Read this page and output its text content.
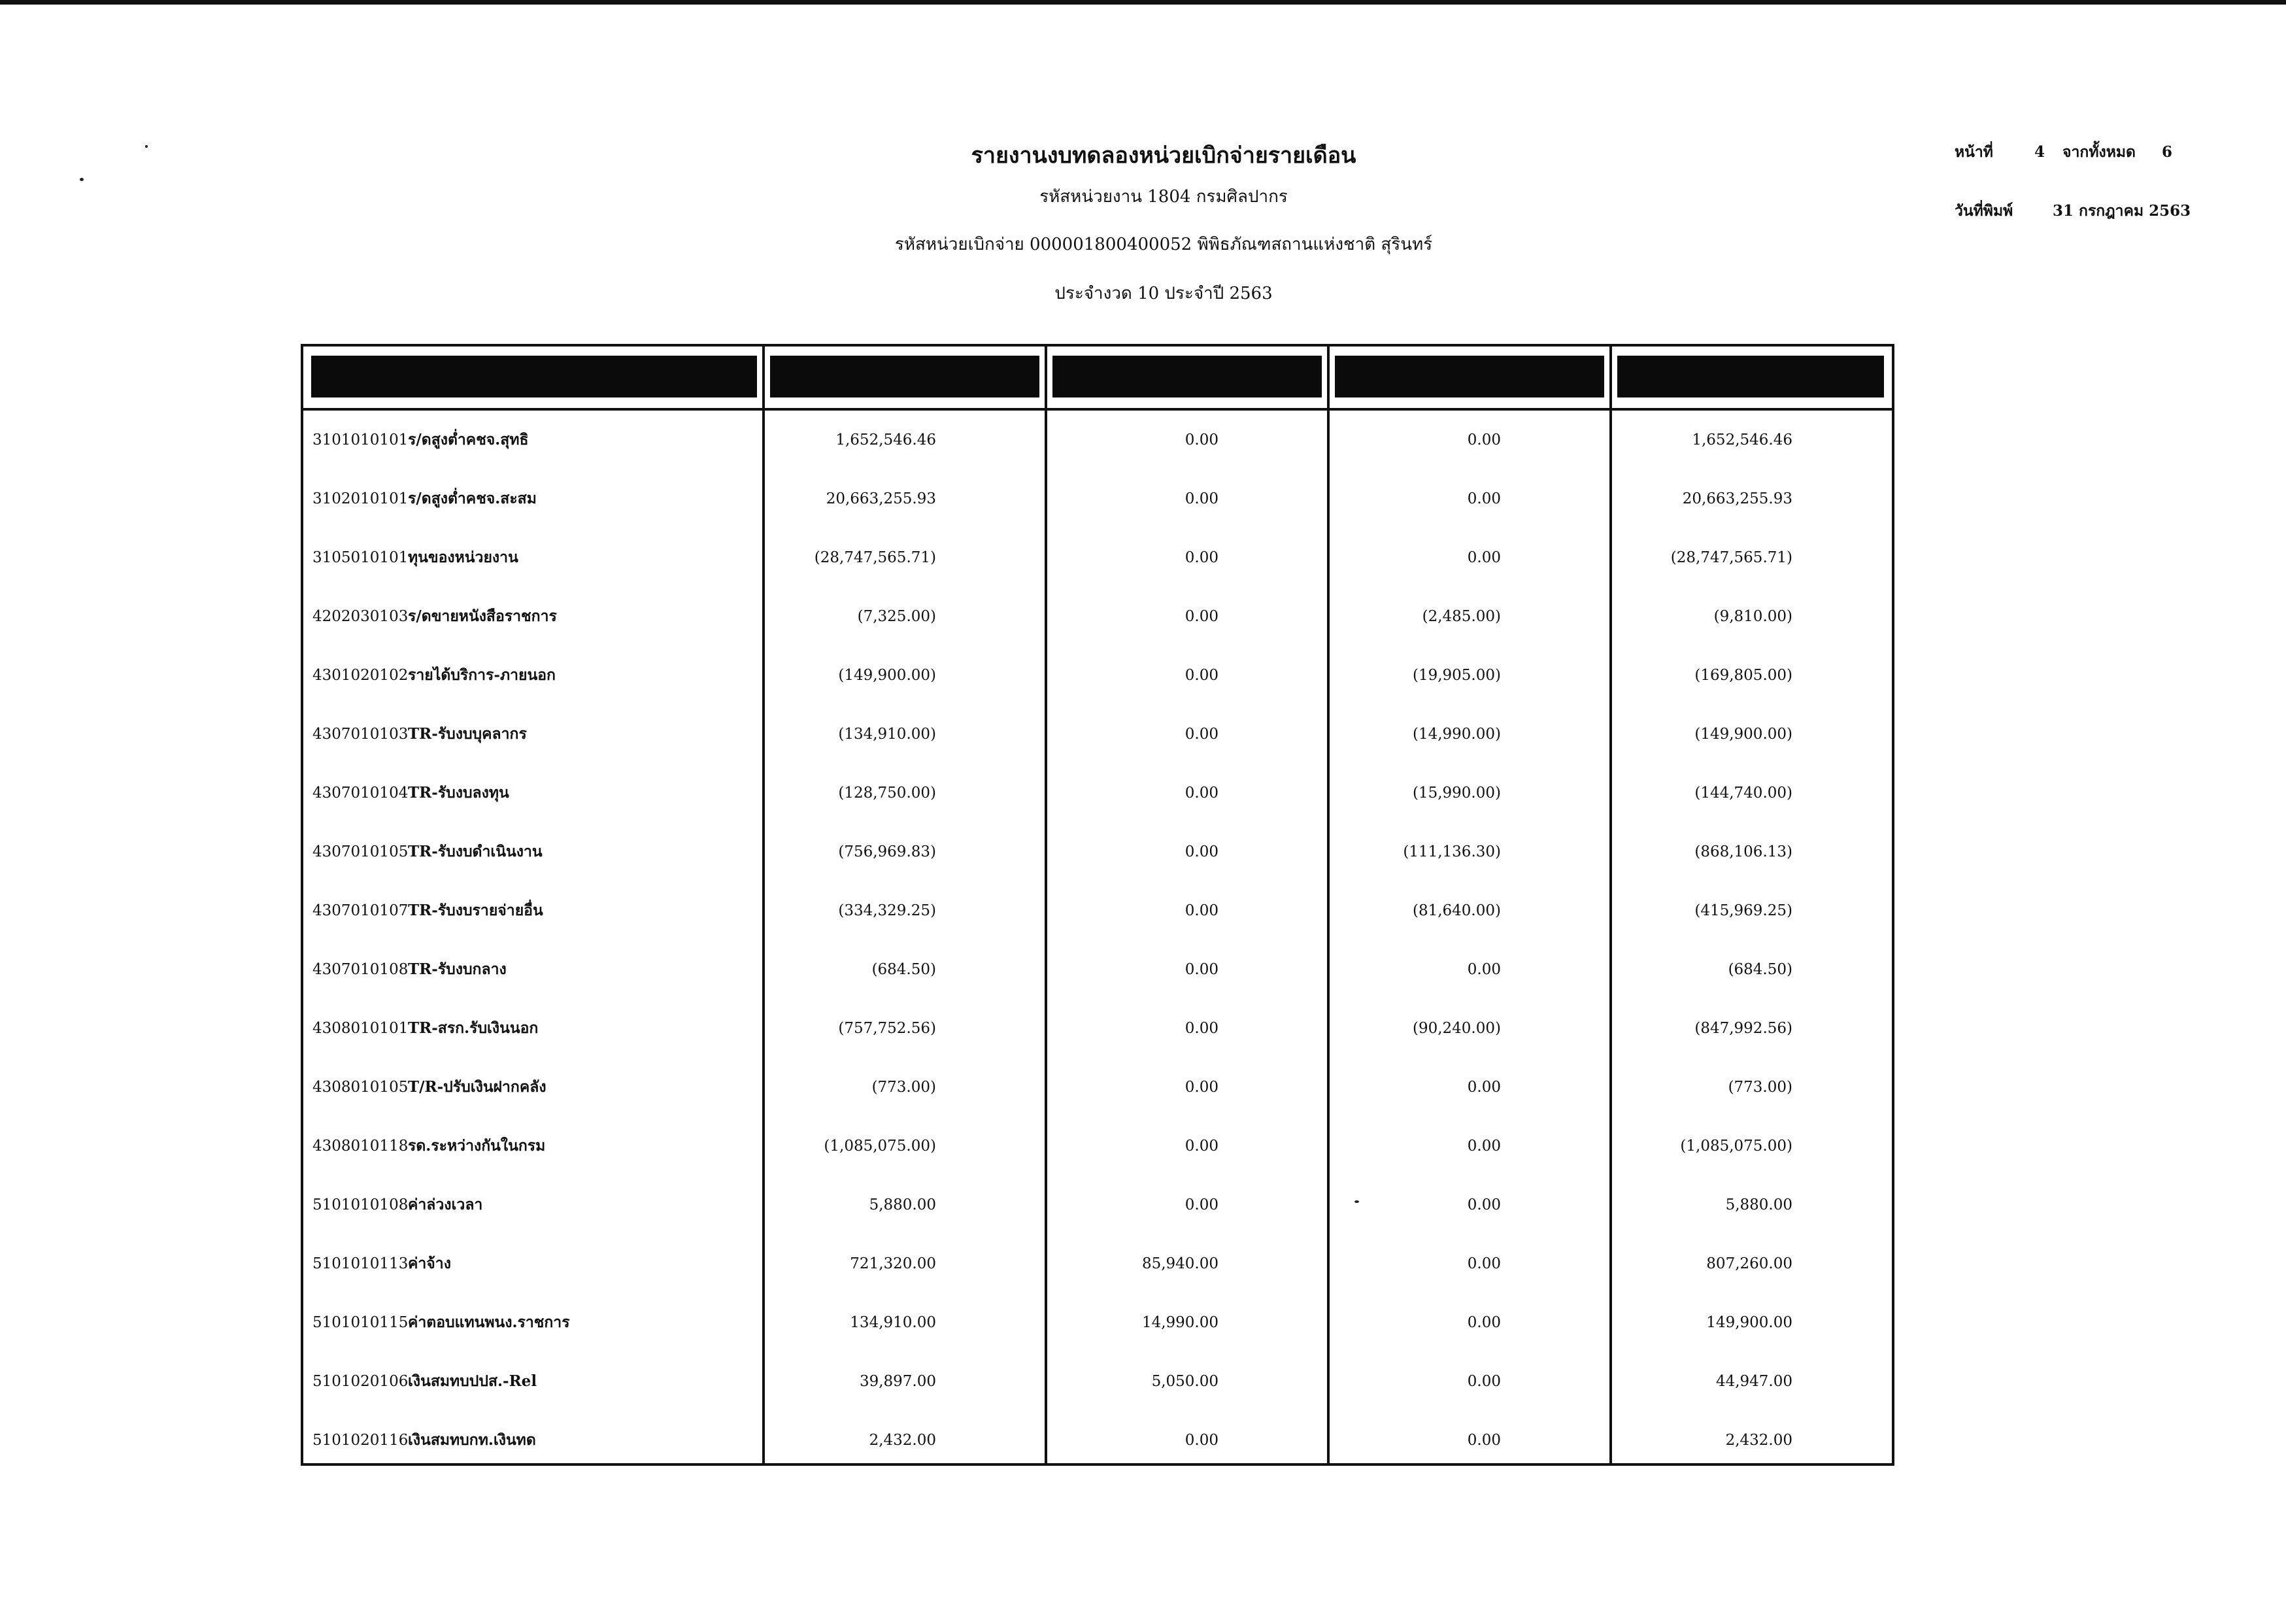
รายงานงบทดลองหน่วยเบิกจ่ายรายเดือน
รหัสหน่วยงาน 1804 กรมศิลปากร
รหัสหน่วยเบิกจ่าย 000001800400052 พิพิธภัณฑสถานแห่งชาติ สุรินทร์
ประจำงวด 10 ประจำปี 2563
หน้าที่	4 จากทั้งหมด 6
วันที่พิมพ์	31 กรกฎาคม 2563
3101010101 ร/ดสูงต่ำคชจ.สุทธิ	1,652,546.46	0.00	0.00	1,652,546.46
3102010101 ร/ดสูงต่ำคชจ.สะสม	20,663,255.93	0.00	0.00	20,663,255.93
3105010101 ทุนของหน่วยงาน	(28,747,565.71)	0.00	0.00	(28,747,565.71)
4202030103 ร/ดขายหนังสือราชการ	(7,325.00)	0.00	(2,485.00)	(9,810.00)
4301020102 รายได้บริการ-ภายนอก	(149,900.00)	0.00	(19,905.00)	(169,805.00)
4307010103 TR-รับงบบุคลากร	(134,910.00)	0.00	(14,990.00)	(149,900.00)
4307010104 TR-รับงบลงทุน	(128,750.00)	0.00	(15,990.00)	(144,740.00)
4307010105 TR-รับงบดำเนินงาน	(756,969.83)	0.00	(111,136.30)	(868,106.13)
4307010107 TR-รับงบรายจ่ายอื่น	(334,329.25)	0.00	(81,640.00)	(415,969.25)
4307010108 TR-รับงบกลาง	(684.50)	0.00	0.00	(684.50)
4308010101 TR-สรก.รับเงินนอก	(757,752.56)	0.00	(90,240.00)	(847,992.56)
4308010105 T/R-ปรับเงินฝากคลัง	(773.00)	0.00	0.00	(773.00)
4308010118 รด.ระหว่างกันในกรม	(1,085,075.00)	0.00	0.00	(1,085,075.00)
5101010108 ค่าล่วงเวลา	5,880.00	0.00	0.00	5,880.00
5101010113 ค่าจ้าง	721,320.00	85,940.00	0.00	807,260.00
5101010115 ค่าตอบแทนพนง.ราชการ	134,910.00	14,990.00	0.00	149,900.00
5101020106 เงินสมทบปปส.-Rel	39,897.00	5,050.00	0.00	44,947.00
5101020116 เงินสมทบกท.เงินทด	2,432.00	0.00	0.00	2,432.00
